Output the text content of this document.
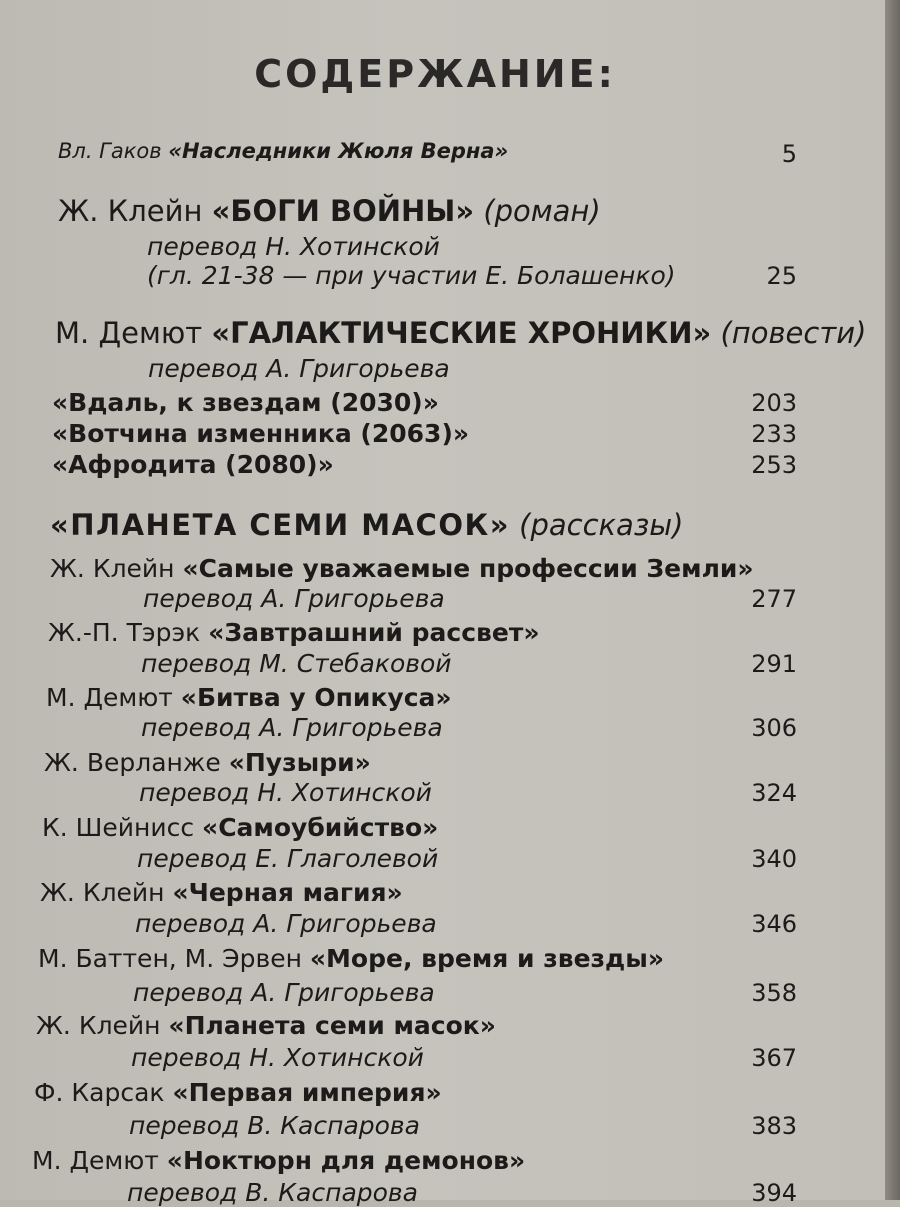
СОДЕРЖАНИЕ:
Вл. Гаков «Наследники Жюля Верна»	5
Ж. Клейн «БОГИ ВОЙНЫ» (роман)
перевод Н. Хотинской
(гл. 21-38 — при участии Е. Болашенко)	25
М. Демют «ГАЛАКТИЧЕСКИЕ ХРОНИКИ» (повести)
перевод А. Григорьева
«Вдаль, к звездам (2030)»	203
«Вотчина изменника (2063)»	233
«Афродита (2080)»	253
«ПЛАНЕТА СЕМИ МАСОК» (рассказы)
Ж. Клейн «Самые уважаемые профессии Земли»
перевод А. Григорьева	277
Ж.-П. Тэрэк «Завтрашний рассвет»
перевод М. Стебаковой	291
М. Демют «Битва у Опикуса»
перевод А. Григорьева	306
Ж. Верланже «Пузыри»
перевод Н. Хотинской	324
К. Шейнисс «Самоубийство»
перевод Е. Глаголевой	340
Ж. Клейн «Черная магия»
перевод А. Григорьева	346
М. Баттен, М. Эрвен «Море, время и звезды»
перевод А. Григорьева	358
Ж. Клейн «Планета семи масок»
перевод Н. Хотинской	367
Ф. Карсак «Первая империя»
перевод В. Каспарова	383
М. Демют «Ноктюрн для демонов»
перевод В. Каспарова	394
